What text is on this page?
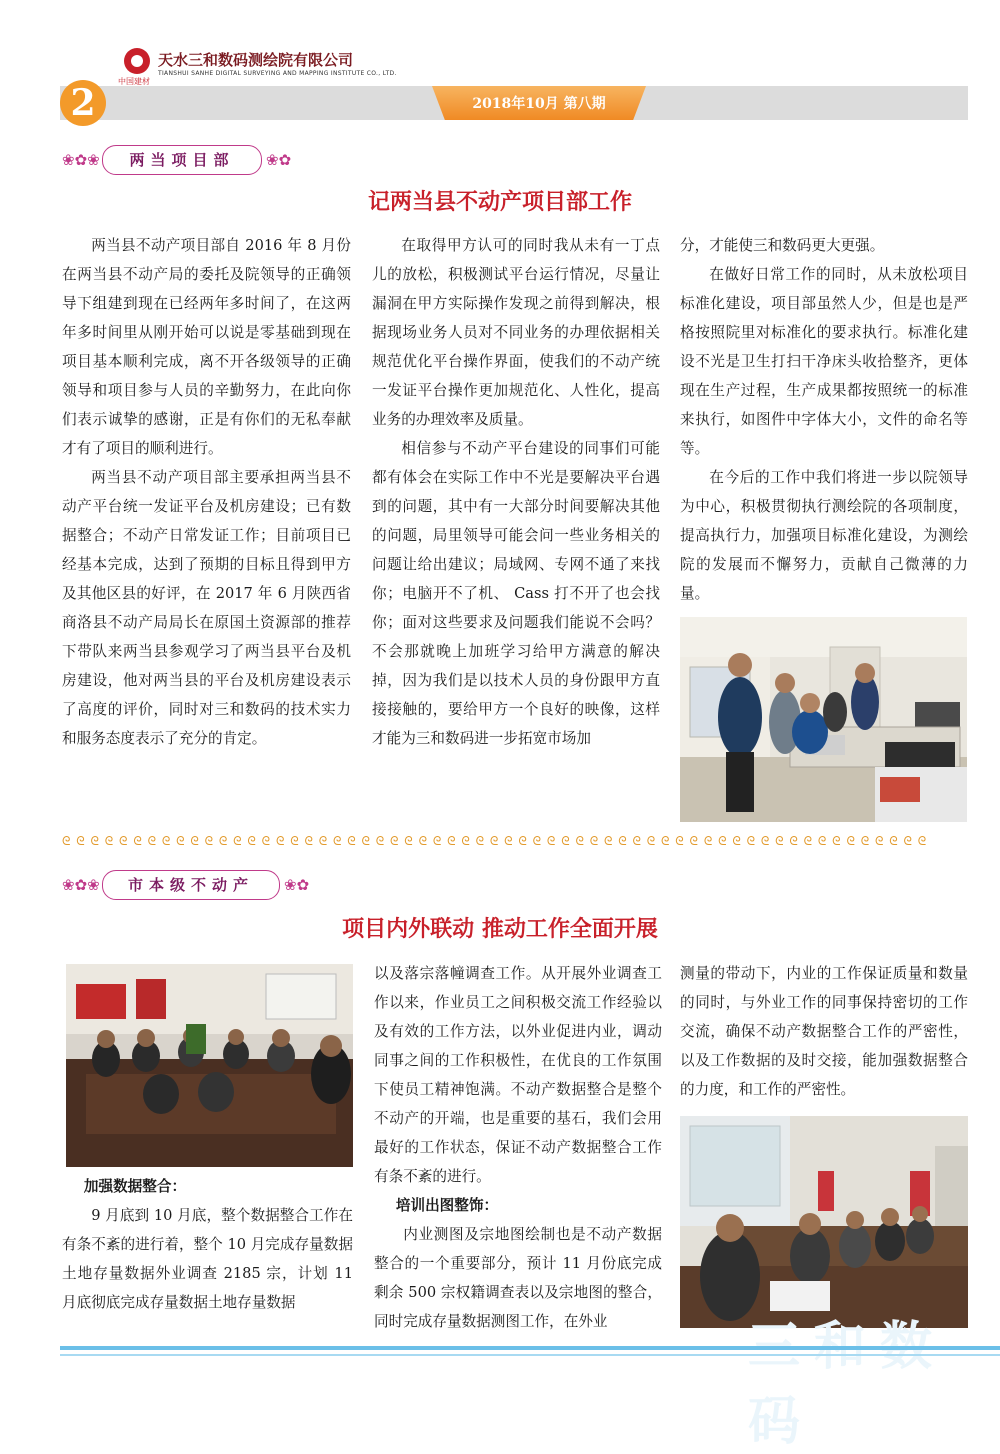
中国建材
天水三和数码测绘院有限公司
TIANSHUI SANHE DIGITAL SURVEYING AND MAPPING INSTITUTE CO., LTD.
2018年10月 第八期
2
❀✿❀	两当项目部	❀✿
记两当县不动产项目部工作

两当县不动产项目部自 2016 年 8 月份在两当县不动产局的委托及院领导的正确领导下组建到现在已经两年多时间了，在这两年多时间里从刚开始可以说是零基础到现在项目基本顺利完成，离不开各级领导的正确领导和项目参与人员的辛勤努力，在此向你们表示诚挚的感谢，正是有你们的无私奉献才有了项目的顺利进行。

两当县不动产项目部主要承担两当县不动产平台统一发证平台及机房建设；已有数据整合；不动产日常发证工作；目前项目已经基本完成，达到了预期的目标且得到甲方及其他区县的好评，在 2017 年 6 月陕西省商洛县不动产局局长在原国土资源部的推荐下带队来两当县参观学习了两当县平台及机房建设，他对两当县的平台及机房建设表示了高度的评价，同时对三和数码的技术实力和服务态度表示了充分的肯定。

在取得甲方认可的同时我从未有一丁点儿的放松，积极测试平台运行情况，尽量让漏洞在甲方实际操作发现之前得到解决，根据现场业务人员对不同业务的办理依据相关规范优化平台操作界面，使我们的不动产统一发证平台操作更加规范化、人性化，提高业务的办理效率及质量。

相信参与不动产平台建设的同事们可能都有体会在实际工作中不光是要解决平台遇到的问题，其中有一大部分时间要解决其他的问题，局里领导可能会问一些业务相关的问题让给出建议；局域网、专网不通了来找你；电脑开不了机、 Cass 打不开了也会找你；面对这些要求及问题我们能说不会吗？不会那就晚上加班学习给甲方满意的解决掉，因为我们是以技术人员的身份跟甲方直接接触的，要给甲方一个良好的映像，这样才能为三和数码进一步拓宽市场加

分，才能使三和数码更大更强。

在做好日常工作的同时，从未放松项目标准化建设，项目部虽然人少，但是也是严格按照院里对标准化的要求执行。标准化建设不光是卫生打扫干净床头收拾整齐，更体现在生产过程，生产成果都按照统一的标准来执行，如图件中字体大小，文件的命名等等。

在今后的工作中我们将进一步以院领导为中心，积极贯彻执行测绘院的各项制度，提高执行力，加强项目标准化建设，为测绘院的发展而不懈努力，贡献自己微薄的力量。

ᘓ ᘓ ᘓ ᘓ ᘓ ᘓ ᘓ ᘓ ᘓ ᘓ ᘓ ᘓ ᘓ ᘓ ᘓ ᘓ ᘓ ᘓ ᘓ ᘓ ᘓ ᘓ ᘓ ᘓ ᘓ ᘓ ᘓ ᘓ ᘓ ᘓ ᘓ ᘓ ᘓ ᘓ ᘓ ᘓ ᘓ ᘓ ᘓ ᘓ ᘓ ᘓ ᘓ ᘓ ᘓ ᘓ ᘓ ᘓ ᘓ ᘓ ᘓ ᘓ ᘓ ᘓ ᘓ ᘓ ᘓ ᘓ ᘓ ᘓ ᘓ
❀✿❀	市本级不动产	❀✿
项目内外联动 推动工作全面开展

加强数据整合：

9 月底到 10 月底，整个数据整合工作在有条不紊的进行着，整个 10 月完成存量数据土地存量数据外业调查 2185 宗，计划 11 月底彻底完成存量数据土地存量数据

以及落宗落幢调查工作。从开展外业调查工作以来，作业员工之间积极交流工作经验以及有效的工作方法，以外业促进内业，调动同事之间的工作积极性，在优良的工作氛围下使员工精神饱满。不动产数据整合是整个不动产的开端，也是重要的基石，我们会用最好的工作状态，保证不动产数据整合工作有条不紊的进行。

培训出图整饰：

内业测图及宗地图绘制也是不动产数据整合的一个重要部分，预计 11 月份底完成剩余 500 宗权籍调查表以及宗地图的整合，同时完成存量数据测图工作，在外业

测量的带动下，内业的工作保证质量和数量的同时，与外业工作的同事保持密切的工作交流，确保不动产数据整合工作的严密性，以及工作数据的及时交接，能加强数据整合的力度，和工作的严密性。

码
